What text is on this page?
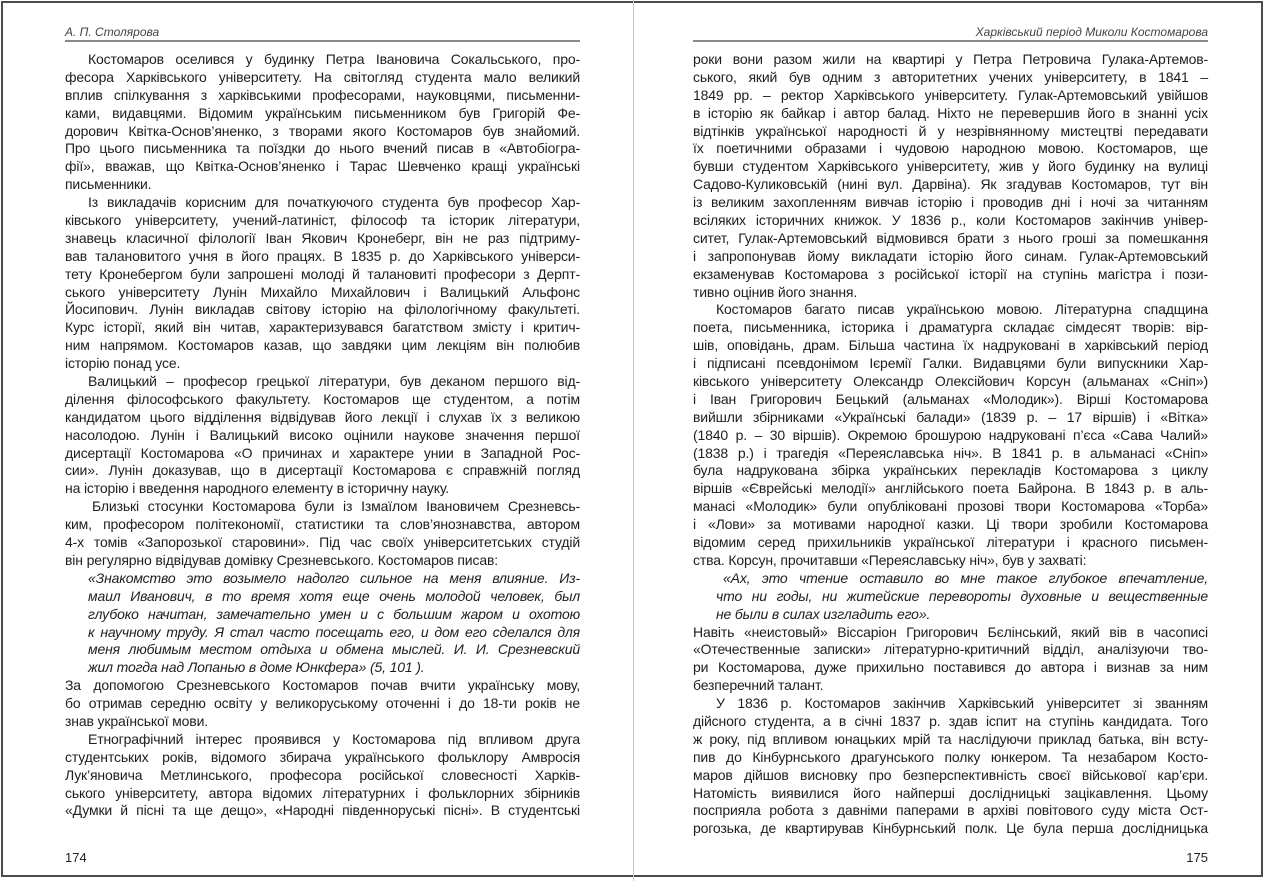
А. П. Столярова
Костомаров оселився у будинку Петра Івановича Сокальського, про-
фесора Харківського університету. На світогляд студента мало великий
вплив спілкування з харківськими професорами, науковцями, письменни-
ками, видавцями. Відомим українським письменником був Григорій Фе-
дорович Квітка-Основ’яненко, з творами якого Костомаров був знайомий.
Про цього письменника та поїздки до нього вчений писав в «Автобіогра-
фії», вважав, що Квітка-Основ’яненко і Тарас Шевченко кращі українські
письменники.
Із викладачів корисним для початкуючого студента був професор Хар-
ківського університету, учений-латиніст, філософ та історик літератури,
знавець класичної філології Іван Якович Кронеберг, він не раз підтриму-
вав талановитого учня в його працях. В 1835 р. до Харківського універси-
тету Кронебергом були запрошені молоді й талановиті професори з Дерпт-
ського університету Лунін Михайло Михайлович і Валицький Альфонс
Йосипович. Лунін викладав світову історію на філологічному факультеті.
Курс історії, який він читав, характеризувався багатством змісту і критич-
ним напрямом. Костомаров казав, що завдяки цим лекціям він полюбив
історію понад усе.
Валицький – професор грецької літератури, був деканом першого від-
ділення філософського факультету. Костомаров ще студентом, а потім
кандидатом цього відділення відвідував його лекції і слухав їх з великою
насолодою. Лунін і Валицький високо оцінили наукове значення першої
дисертації Костомарова «О причинах и характере унии в Западной Рос-
сии». Лунін доказував, що в дисертації Костомарова є справжній погляд
на історію і введення народного елементу в історичну науку.
Близькі стосунки Костомарова були із Ізмаїлом Івановичем Срезневсь-
ким, професором політекономії, статистики та слов’янознавства, автором
4-х томів «Запорозької старовини». Під час своїх університетських студій
він регулярно відвідував домівку Срезневського. Костомаров писав:
«Знакомство это возымело надолго сильное на меня влияние. Из-
маил Иванович, в то время хотя еще очень молодой человек, был
глубоко начитан, замечательно умен и с большим жаром и охотою
к научному труду. Я стал часто посещать его, и дом его сделался для
меня любимым местом отдыха и обмена мыслей. И. И. Срезневский
жил тогда над Лопанью в доме Юнкфера» (5, 101 ).
За допомогою Срезневського Костомаров почав вчити українську мову,
бо отримав середню освіту у великоруському оточенні і до 18-ти років не
знав української мови.
Етнографічний інтерес проявився у Костомарова під впливом друга
студентських років, відомого збирача українського фольклору Амвросія
Лук’яновича Метлинського, професора російської словесності Харків-
ського університету, автора відомих літературних і фольклорних збірників
«Думки й пісні та ще дещо», «Народні південноруські пісні». В студентські
174
Харківський період Миколи Костомарова
роки вони разом жили на квартирі у Петра Петровича Гулака-Артемов-
ського, який був одним з авторитетних учених університету, в 1841 –
1849 рр. – ректор Харківського університету. Гулак-Артемовський увійшов
в історію як байкар і автор балад. Ніхто не перевершив його в знанні усіх
відтінків української народності й у незрівнянному мистецтві передавати
їх поетичними образами і чудовою народною мовою. Костомаров, ще
бувши студентом Харківського університету, жив у його будинку на вулиці
Садово-Куликовській (нині вул. Дарвіна). Як згадував Костомаров, тут він
із великим захопленням вивчав історію і проводив дні і ночі за читанням
всіляких історичних книжок. У 1836 р., коли Костомаров закінчив універ-
ситет, Гулак-Артемовський відмовився брати з нього гроші за помешкання
і запропонував йому викладати історію його синам. Гулак-Артемовський
екзаменував Костомарова з російської історії на ступінь магістра і пози-
тивно оцінив його знання.
Костомаров багато писав українською мовою. Літературна спадщина
поета, письменника, історика і драматурга складає сімдесят творів: вір-
шів, оповідань, драм. Більша частина їх надруковані в харківський період
і підписані псевдонімом Ієремії Галки. Видавцями були випускники Хар-
ківського університету Олександр Олексійович Корсун (альманах «Сніп»)
і Іван Григорович Бецький (альманах «Молодик»). Вірші Костомарова
вийшли збірниками «Українські балади» (1839 р. – 17 віршів) і «Вітка»
(1840 р. – 30 віршів). Окремою брошурою надруковані п’єса «Сава Чалий»
(1838 р.) і трагедія «Переяславська ніч». В 1841 р. в альманасі «Сніп»
була надрукована збірка українських перекладів Костомарова з циклу
віршів «Єврейські мелодії» англійського поета Байрона. В 1843 р. в аль-
манасі «Молодик» були опубліковані прозові твори Костомарова «Торба»
і «Лови» за мотивами народної казки. Ці твори зробили Костомарова
відомим серед прихильників української літератури і красного письмен-
ства. Корсун, прочитавши «Переяславську ніч», був у захваті:
«Ах, это чтение оставило во мне такое глубокое впечатление,
что ни годы, ни житейские перевороты духовные и вещественные
не были в силах изгладить его».
Навіть «неистовый» Віссаріон Григорович Бєлінський, який вів в часописі
«Отечественные записки» літературно-критичний відділ, аналізуючи тво-
ри Костомарова, дуже прихильно поставився до автора і визнав за ним
безперечний талант.
У 1836 р. Костомаров закінчив Харківський університет зі званням
дійсного студента, а в січні 1837 р. здав іспит на ступінь кандидата. Того
ж року, під впливом юнацьких мрій та наслідуючи приклад батька, він всту-
пив до Кінбурнського драгунського полку юнкером. Та незабаром Косто-
маров дійшов висновку про безперспективність своєї військової кар’єри.
Натомість виявилися його найперші дослідницькі зацікавлення. Цьому
посприяла робота з давніми паперами в архіві повітового суду міста Ост-
рогозька, де квартирував Кінбурнський полк. Це була перша дослідницька
175
